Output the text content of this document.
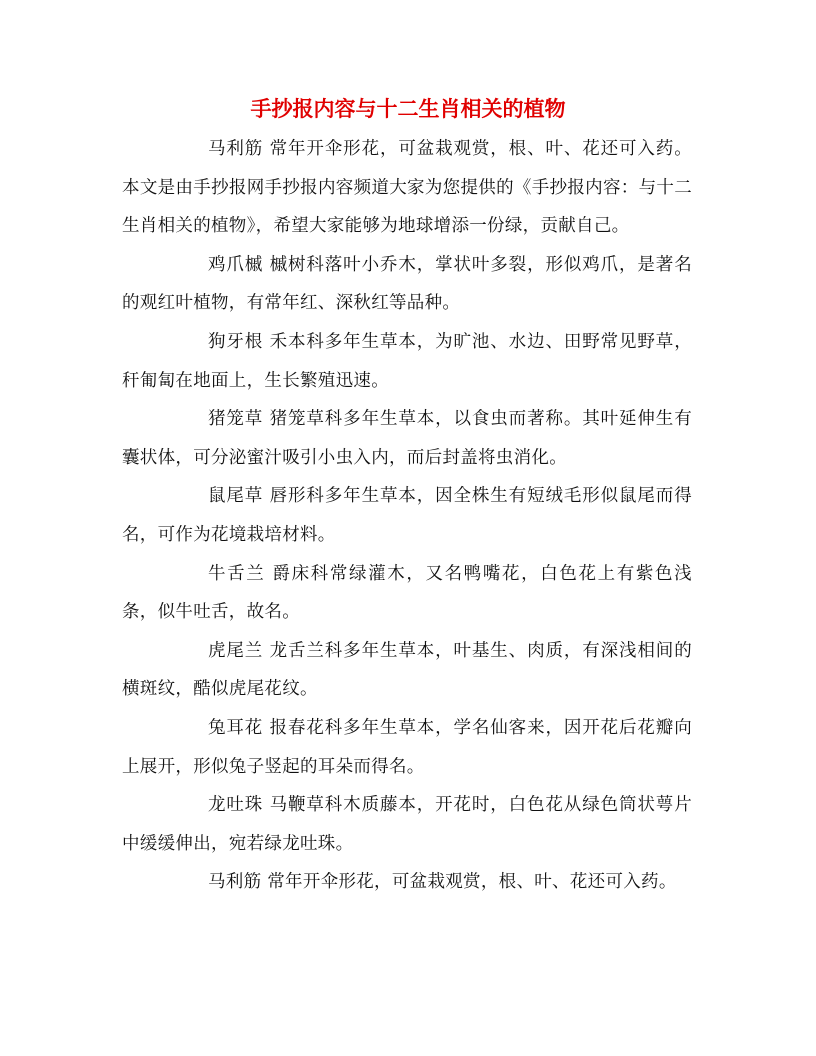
手抄报内容与十二生肖相关的植物

马利筋 常年开伞形花，可盆栽观赏，根、叶、花还可入药。本文是由手抄报网手抄报内容频道大家为您提供的《手抄报内容：与十二生肖相关的植物》，希望大家能够为地球增添一份绿，贡献自己。

鸡爪槭 槭树科落叶小乔木，掌状叶多裂，形似鸡爪，是著名的观红叶植物，有常年红、深秋红等品种。

狗牙根 禾本科多年生草本，为旷池、水边、田野常见野草，秆匍匐在地面上，生长繁殖迅速。

猪笼草 猪笼草科多年生草本，以食虫而著称。其叶延伸生有囊状体，可分泌蜜汁吸引小虫入内，而后封盖将虫消化。

鼠尾草 唇形科多年生草本，因全株生有短绒毛形似鼠尾而得名，可作为花境栽培材料。

牛舌兰 爵床科常绿灌木，又名鸭嘴花，白色花上有紫色浅条，似牛吐舌，故名。

虎尾兰 龙舌兰科多年生草本，叶基生、肉质，有深浅相间的横斑纹，酷似虎尾花纹。

兔耳花 报春花科多年生草本，学名仙客来，因开花后花瓣向上展开，形似兔子竖起的耳朵而得名。

龙吐珠 马鞭草科木质藤本，开花时，白色花从绿色筒状萼片中缓缓伸出，宛若绿龙吐珠。

马利筋 常年开伞形花，可盆栽观赏，根、叶、花还可入药。
